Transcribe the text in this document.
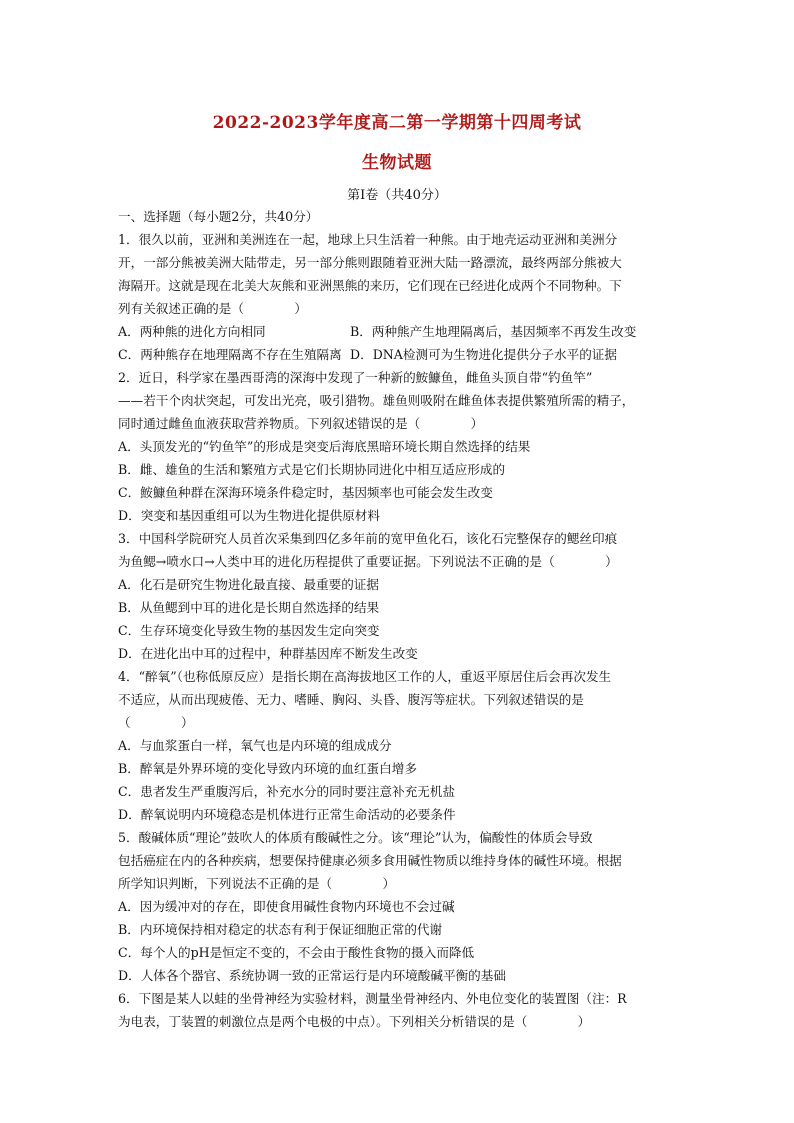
2022-2023学年度高二第一学期第十四周考试
生物试题
第Ⅰ卷（共40分）
一、选择题（每小题2分，共40分）
1．很久以前，亚洲和美洲连在一起，地球上只生活着一种熊。由于地壳运动亚洲和美洲分
开，一部分熊被美洲大陆带走，另一部分熊则跟随着亚洲大陆一路漂流，最终两部分熊被大
海隔开。这就是现在北美大灰熊和亚洲黑熊的来历，它们现在已经进化成两个不同物种。下
列有关叙述正确的是（　　　　）
A．两种熊的进化方向相同	B．两种熊产生地理隔离后，基因频率不再发生改变
C．两种熊存在地理隔离不存在生殖隔离 D．DNA检测可为生物进化提供分子水平的证据
2．近日，科学家在墨西哥湾的深海中发现了一种新的鮟鱇鱼，雌鱼头顶自带“钓鱼竿”
——若干个肉状突起，可发出光亮，吸引猎物。雄鱼则吸附在雌鱼体表提供繁殖所需的精子，
同时通过雌鱼血液获取营养物质。下列叙述错误的是（　　　　）
A．头顶发光的“钓鱼竿”的形成是突变后海底黑暗环境长期自然选择的结果
B．雌、雄鱼的生活和繁殖方式是它们长期协同进化中相互适应形成的
C．鮟鱇鱼种群在深海环境条件稳定时，基因频率也可能会发生改变
D．突变和基因重组可以为生物进化提供原材料
3．中国科学院研究人员首次采集到四亿多年前的宽甲鱼化石，该化石完整保存的鳃丝印痕
为鱼鳃→喷水口→人类中耳的进化历程提供了重要证据。下列说法不正确的是（　　　　）
A．化石是研究生物进化最直接、最重要的证据
B．从鱼鳃到中耳的进化是长期自然选择的结果
C．生存环境变化导致生物的基因发生定向突变
D．在进化出中耳的过程中，种群基因库不断发生改变
4．“醉氧”（也称低原反应）是指长期在高海拔地区工作的人，重返平原居住后会再次发生
不适应，从而出现疲倦、无力、嗜睡、胸闷、头昏、腹泻等症状。下列叙述错误的是
（　　　　）
A．与血浆蛋白一样，氧气也是内环境的组成成分
B．醉氧是外界环境的变化导致内环境的血红蛋白增多
C．患者发生严重腹泻后，补充水分的同时要注意补充无机盐
D．醉氧说明内环境稳态是机体进行正常生命活动的必要条件
5．酸碱体质“理论”鼓吹人的体质有酸碱性之分。该“理论”认为，偏酸性的体质会导致
包括癌症在内的各种疾病，想要保持健康必须多食用碱性物质以维持身体的碱性环境。根据
所学知识判断，下列说法不正确的是（　　　　）
A．因为缓冲对的存在，即使食用碱性食物内环境也不会过碱
B．内环境保持相对稳定的状态有利于保证细胞正常的代谢
C．每个人的pH是恒定不变的，不会由于酸性食物的摄入而降低
D．人体各个器官、系统协调一致的正常运行是内环境酸碱平衡的基础
6．下图是某人以蛙的坐骨神经为实验材料，测量坐骨神经内、外电位变化的装置图（注：R
为电表，丁装置的刺激位点是两个电极的中点）。下列相关分析错误的是（　　　　）
